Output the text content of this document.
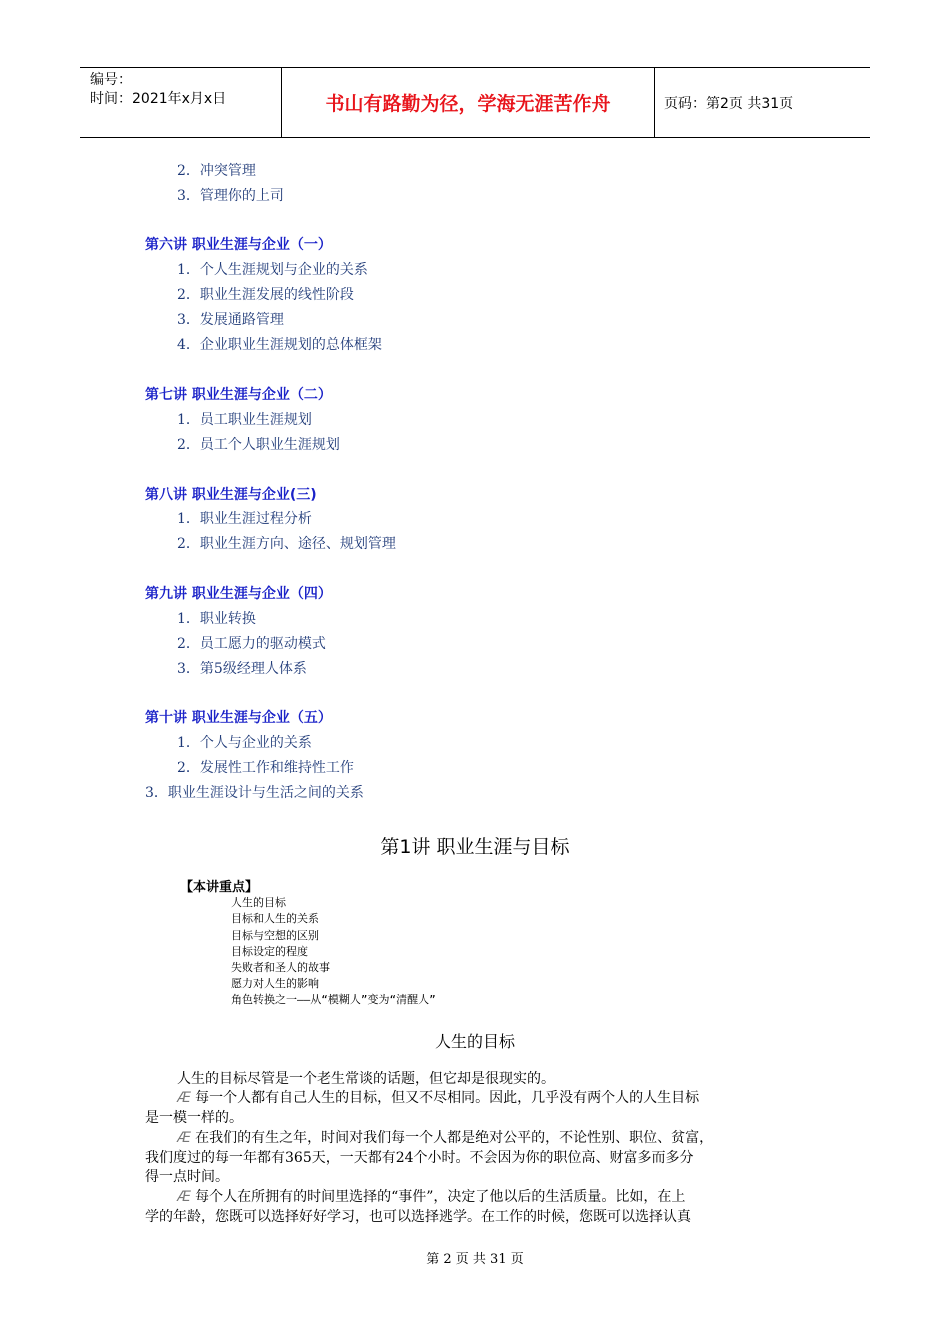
编号：
时间：2021年x月x日	书山有路勤为径，学海无涯苦作舟	页码：第2页 共31页
2．冲突管理
3．管理你的上司
第六讲 职业生涯与企业（一）
1．个人生涯规划与企业的关系
2．职业生涯发展的线性阶段
3．发展通路管理
4．企业职业生涯规划的总体框架
第七讲 职业生涯与企业（二）
1．员工职业生涯规划
2．员工个人职业生涯规划
第八讲 职业生涯与企业(三)
1．职业生涯过程分析
2．职业生涯方向、途径、规划管理
第九讲 职业生涯与企业（四）
1．职业转换
2．员工愿力的驱动模式
3．第5级经理人体系
第十讲 职业生涯与企业（五）
1．个人与企业的关系
2．发展性工作和维持性工作
3．职业生涯设计与生活之间的关系
第1讲 职业生涯与目标
【本讲重点】
人生的目标
目标和人生的关系
目标与空想的区别
目标设定的程度
失败者和圣人的故事
愿力对人生的影响
角色转换之一——从“模糊人”变为“清醒人”
人生的目标
人生的目标尽管是一个老生常谈的话题，但它却是很现实的。
Æ 每一个人都有自己人生的目标，但又不尽相同。因此，几乎没有两个人的人生目标
是一模一样的。
Æ 在我们的有生之年，时间对我们每一个人都是绝对公平的，不论性别、职位、贫富，
我们度过的每一年都有365天，一天都有24个小时。不会因为你的职位高、财富多而多分
得一点时间。
Æ 每个人在所拥有的时间里选择的“事件”，决定了他以后的生活质量。比如，在上
学的年龄，您既可以选择好好学习，也可以选择逃学。在工作的时候，您既可以选择认真
第 2 页 共 31 页
